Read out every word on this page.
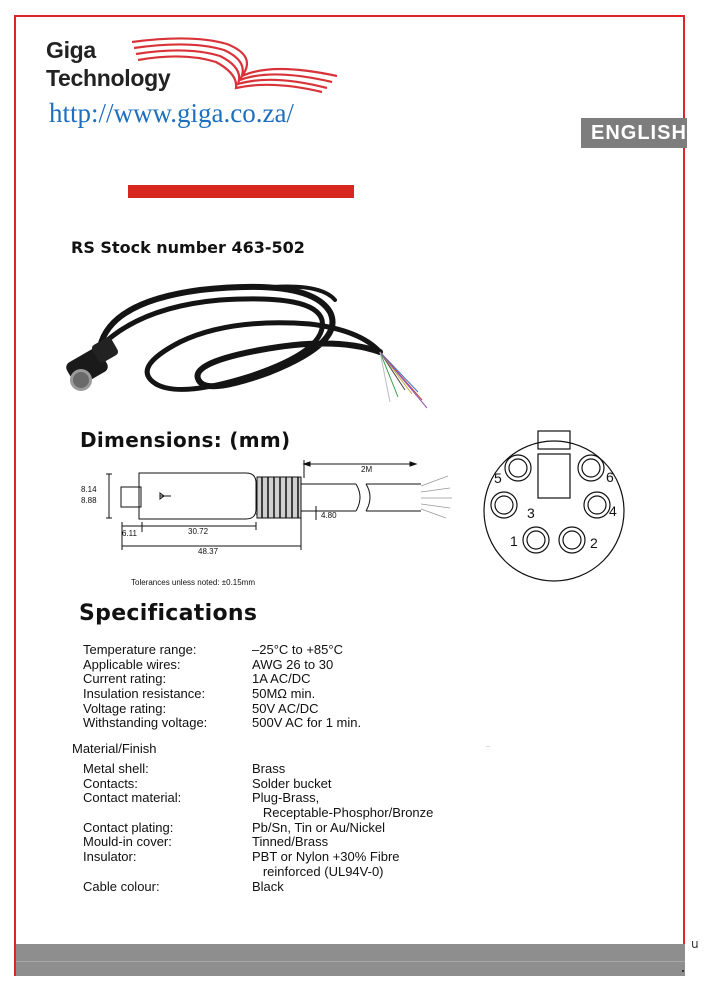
Giga
Technology
http://www.giga.co.za/
ENGLISH
RS Stock number 463-502
Dimensions: (mm)
8.14
8.88
2M
4.80
6.11	30.72
48.37
Tolerances unless noted: ±0.15mm
1	2
3	4
5	6
Specifications
Temperature range:	–25°C to +85°C
Applicable wires:	AWG 26 to 30
Current rating:	1A AC/DC
Insulation resistance:	50MΩ min.
Voltage rating:	50V AC/DC
Withstanding voltage:	500V AC for 1 min.
Material/Finish
Metal shell:	Brass
Contacts:	Solder bucket
Contact material:	Plug-Brass,
Receptable-Phosphor/Bronze
Contact plating:	Pb/Sn, Tin or Au/Nickel
Mould-in cover:	Tinned/Brass
Insulator:	PBT or Nylon +30% Fibre
reinforced (UL94V-0)
Cable colour:	Black
u
